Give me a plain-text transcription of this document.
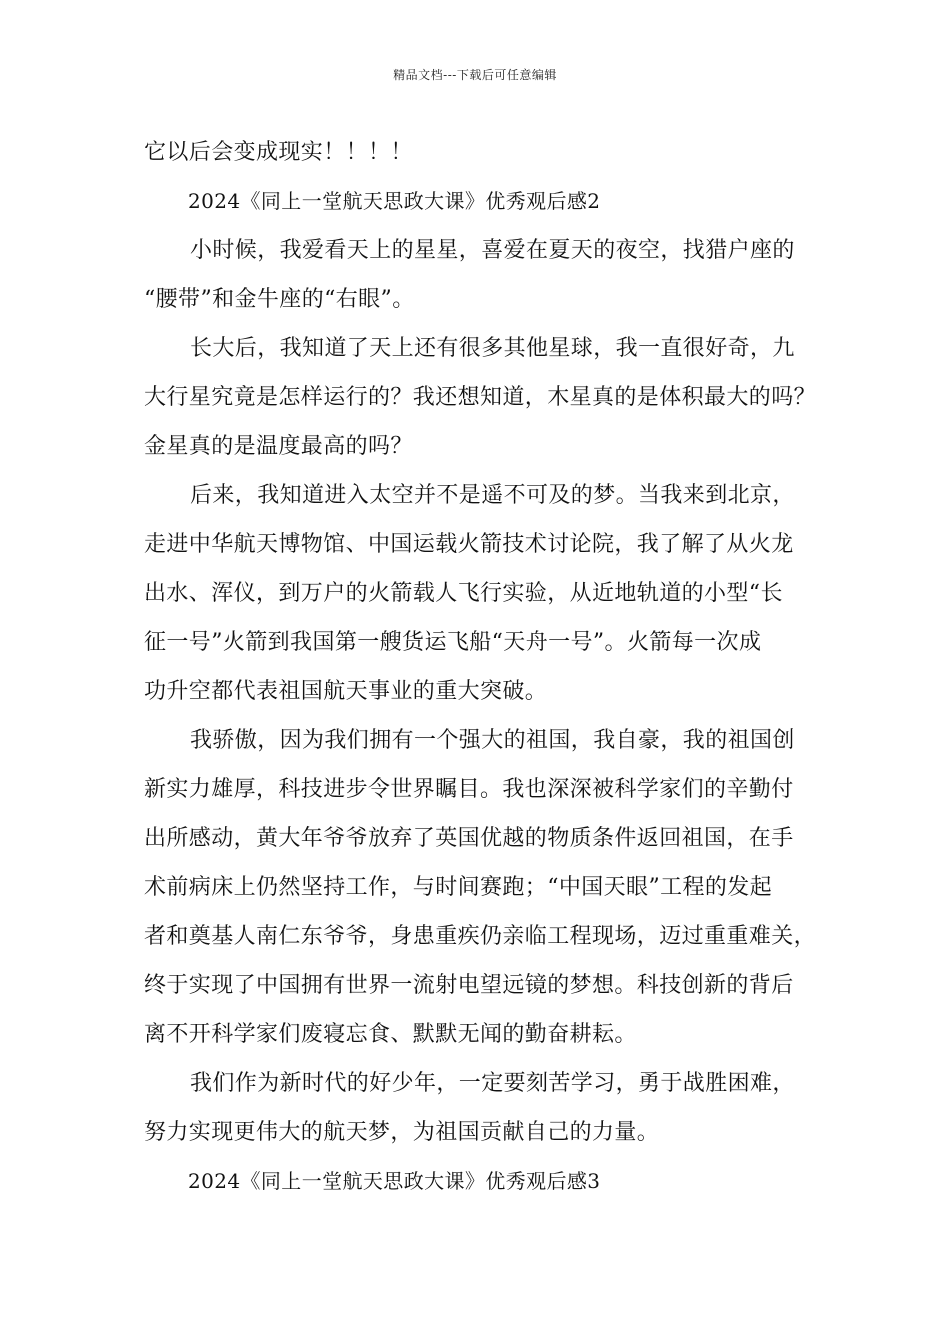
精品文档---下载后可任意编辑
它以后会变成现实！！！！
2024《同上一堂航天思政大课》优秀观后感2
小时候，我爱看天上的星星，喜爱在夏天的夜空，找猎户座的
“腰带”和金牛座的“右眼”。
长大后，我知道了天上还有很多其他星球，我一直很好奇，九
大行星究竟是怎样运行的？我还想知道，木星真的是体积最大的吗？
金星真的是温度最高的吗？
后来，我知道进入太空并不是遥不可及的梦。当我来到北京，
走进中华航天博物馆、中国运载火箭技术讨论院，我了解了从火龙
出水、浑仪，到万户的火箭载人飞行实验，从近地轨道的小型“长
征一号”火箭到我国第一艘货运飞船“天舟一号”。火箭每一次成
功升空都代表祖国航天事业的重大突破。
我骄傲，因为我们拥有一个强大的祖国，我自豪，我的祖国创
新实力雄厚，科技进步令世界瞩目。我也深深被科学家们的辛勤付
出所感动，黄大年爷爷放弃了英国优越的物质条件返回祖国，在手
术前病床上仍然坚持工作，与时间赛跑；“中国天眼”工程的发起
者和奠基人南仁东爷爷，身患重疾仍亲临工程现场，迈过重重难关，
终于实现了中国拥有世界一流射电望远镜的梦想。科技创新的背后
离不开科学家们废寝忘食、默默无闻的勤奋耕耘。
我们作为新时代的好少年，一定要刻苦学习，勇于战胜困难，
努力实现更伟大的航天梦，为祖国贡献自己的力量。
2024《同上一堂航天思政大课》优秀观后感3
